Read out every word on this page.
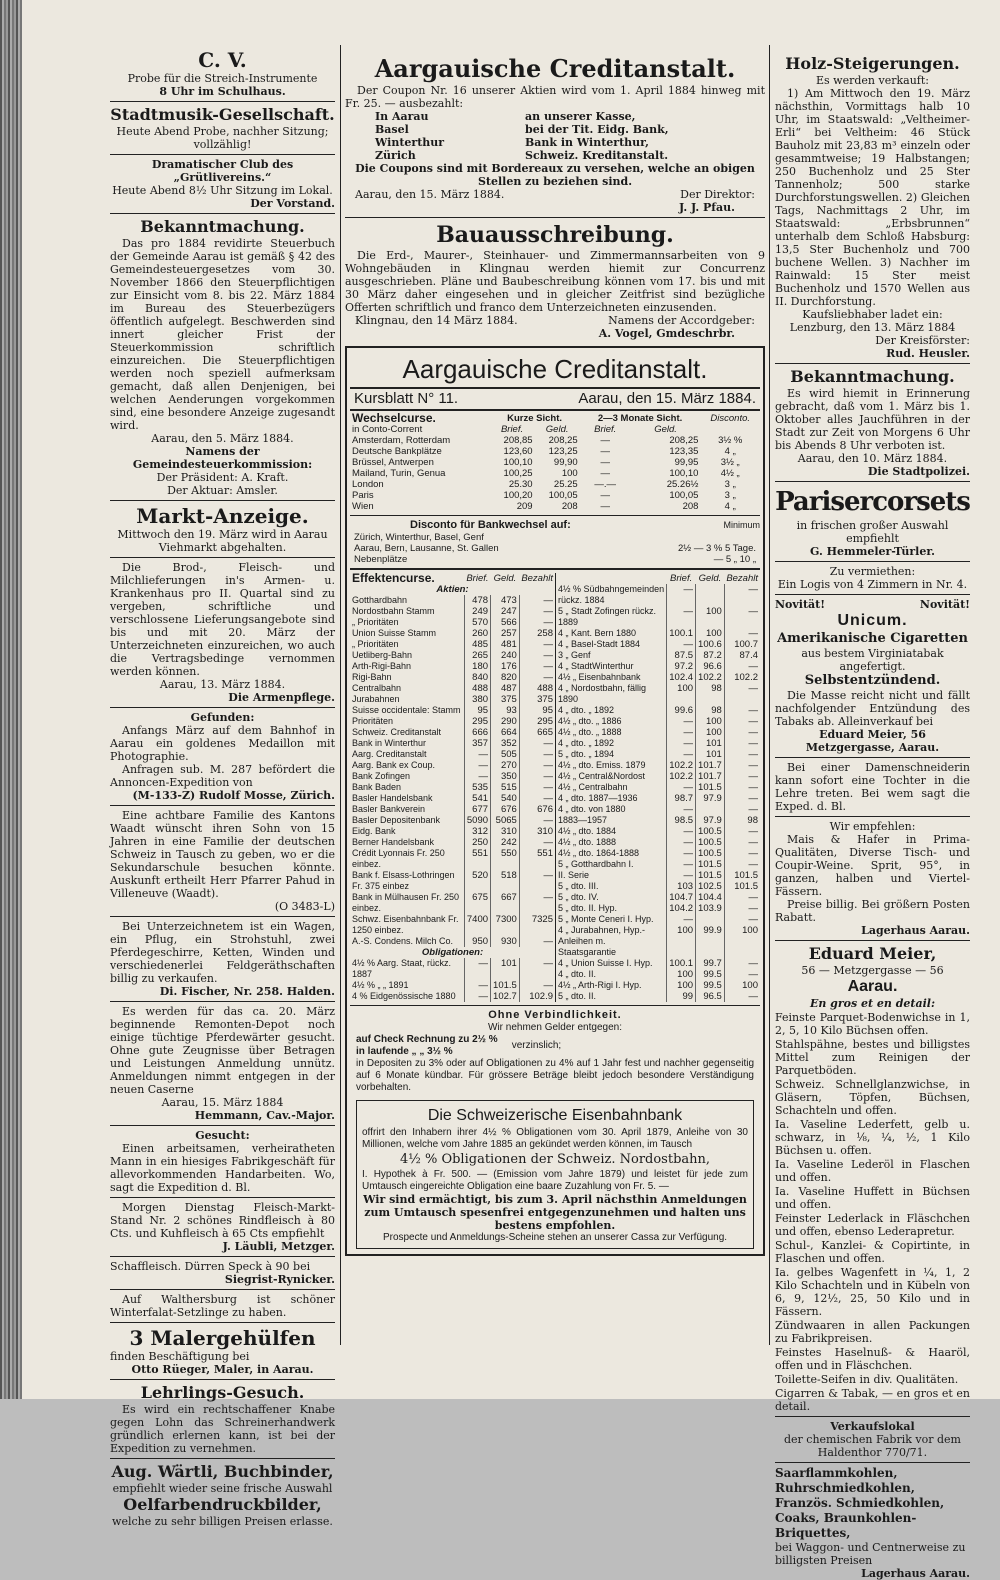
C. V.
Probe für die Streich-Instrumente
8 Uhr im Schulhaus.
Stadtmusik-Gesellschaft.
Heute Abend Probe, nachher Sitzung; vollzählig!
Dramatischer Club des „Grütlivereins.“
Heute Abend 8½ Uhr Sitzung im Lokal.
Der Vorstand.
Bekanntmachung.

Das pro 1884 revidirte Steuerbuch der Gemeinde Aarau ist gemäß § 42 des Gemeindesteuergesetzes vom 30. November 1866 den Steuerpflichtigen zur Einsicht vom 8. bis 22. März 1884 im Bureau des Steuerbezügers öffentlich aufgelegt. Beschwerden sind innert gleicher Frist der Steuerkommission schriftlich einzureichen. Die Steuerpflichtigen werden noch speziell aufmerksam gemacht, daß allen Denjenigen, bei welchen Aenderungen vorgekommen sind, eine besondere Anzeige zugesandt wird.

Aarau, den 5. März 1884.
Namens der Gemeindesteuerkommission:
Der Präsident: A. Kraft.
Der Aktuar: Amsler.
Markt-Anzeige.
Mittwoch den 19. März wird in Aarau Viehmarkt abgehalten.

Die Brod-, Fleisch- und Milchlieferungen in's Armen- u. Krankenhaus pro II. Quartal sind zu vergeben, schriftliche und verschlossene Lieferungsangebote sind bis und mit 20. März der Unterzeichneten einzureichen, wo auch die Vertragsbedinge vernommen werden können.

Aarau, 13. März 1884.
Die Armenpflege.
Gefunden:

Anfangs März auf dem Bahnhof in Aarau ein goldenes Medaillon mit Photographie.

Anfragen sub. M. 287 befördert die Annoncen-Expedition von

(M-133-Z) Rudolf Mosse, Zürich.

Eine achtbare Familie des Kantons Waadt wünscht ihren Sohn von 15 Jahren in eine Familie der deutschen Schweiz in Tausch zu geben, wo er die Sekundarschule besuchen könnte. Auskunft ertheilt Herr Pfarrer Pahud in Villeneuve (Waadt).

(O 3483-L)

Bei Unterzeichnetem ist ein Wagen, ein Pflug, ein Strohstuhl, zwei Pferdegeschirre, Ketten, Winden und verschiedenerlei Feldgeräthschaften billig zu verkaufen.

Di. Fischer, Nr. 258. Halden.

Es werden für das ca. 20. März beginnende Remonten-Depot noch einige tüchtige Pferdewärter gesucht. Ohne gute Zeugnisse über Betragen und Leistungen Anmeldung unnütz. Anmeldungen nimmt entgegen in der neuen Caserne

Aarau, 15. März 1884
Hemmann, Cav.-Major.
Gesucht:

Einen arbeitsamen, verheiratheten Mann in ein hiesiges Fabrikgeschäft für allevorkommenden Handarbeiten. Wo, sagt die Expedition d. Bl.

Morgen Dienstag Fleisch-Markt-Stand Nr. 2 schönes Rindfleisch à 80 Cts. und Kuhfleisch à 65 Cts empfiehlt

J. Läubli, Metzger.

Schaffleisch. Dürren Speck à 90 bei

Siegrist-Rynicker.

Auf Walthersburg ist schöner Winterfalat-Setzlinge zu haben.

3 Malergehülfen
finden Beschäftigung bei
Otto Rüeger, Maler, in Aarau.
Lehrlings-Gesuch.

Es wird ein rechtschaffener Knabe gegen Lohn das Schreinerhandwerk gründlich erlernen kann, ist bei der Expedition zu vernehmen.

Aug. Wärtli, Buchbinder,
empfiehlt wieder seine frische Auswahl
Oelfarbendruckbilder,
welche zu sehr billigen Preisen erlasse.
Aargauische Creditanstalt.

Der Coupon Nr. 16 unserer Aktien wird vom 1. April 1884 hinweg mit Fr. 25. — ausbezahlt:

In Aarau	an unserer Kasse,
Basel	bei der Tit. Eidg. Bank,
Winterthur	Bank in Winterthur,
Zürich	Schweiz. Kreditanstalt.

Die Coupons sind mit Bordereaux zu versehen, welche an obigen Stellen zu beziehen sind.

Aarau, den 15. März 1884.	Der Direktor:
J. J. Pfau.
Bauausschreibung.

Die Erd-, Maurer-, Steinhauer- und Zimmermannsarbeiten von 9 Wohngebäuden in Klingnau werden hiemit zur Concurrenz ausgeschrieben. Pläne und Baubeschreibung können vom 17. bis und mit 30 März daher eingesehen und in gleicher Zeitfrist sind bezügliche Offerten schriftlich und franco dem Unterzeichneten einzusenden.

Klingnau, den 14 März 1884.	Namens der Accordgeber:
A. Vogel, Gmdeschrbr.
Aargauische Creditanstalt.
Kursblatt N° 11.	Aarau, den 15. März 1884.
Wechselcurse.	Kurze Sicht.		2—3 Monate Sicht.		Disconto.
in Conto-Corrent	Brief.	Geld.	Brief.	Geld.	
Amsterdam, Rotterdam	208,85	208,25	—	208,25	3½ %
Deutsche Bankplätze	123,60	123,25	—	123,35	4 „
Brüssel, Antwerpen	100,10	99,90	—	99,95	3½ „
Mailand, Turin, Genua	100,25	100	—	100,10	4½ „
London	25.30	25.25	—.—	25.26½	3 „
Paris	100,20	100,05	—	100,05	3 „
Wien	209	208	—	208	4 „
Disconto für Bankwechsel auf:	Minimum
Zürich, Winterthur, Basel, Genf
Aarau, Bern, Lausanne, St. Gallen	2½ — 3 % 5 Tage.
Nebenplätze	— 5 „ 10 „
Effektencurse.	Brief.	Geld.	Bezahlt
Aktien:			
Gotthardbahn	478	473	—
Nordostbahn Stamm	249	247	—
„ Prioritäten	570	566	—
Union Suisse Stamm	260	257	258
„ Prioritäten	485	481	—
Uetliberg-Bahn	265	240	—
Arth-Rigi-Bahn	180	176	—
Rigi-Bahn	840	820	—
Centralbahn	488	487	488
Jurabahnen	380	375	375
Suisse occidentale: Stamm	95	93	95
Prioritäten	295	290	295
Schweiz. Creditanstalt	666	664	665
Bank in Winterthur	357	352	—
Aarg. Creditanstalt	—	505	—
Aarg. Bank ex Coup.	—	270	—
Bank Zofingen	—	350	—
Bank Baden	535	515	—
Basler Handelsbank	541	540	—
Basler Bankverein	677	676	676
Basler Depositenbank	5090	5065	—
Eidg. Bank	312	310	310
Berner Handelsbank	250	242	—
Crédit Lyonnais Fr. 250 einbez.	551	550	551
Bank f. Elsass-Lothringen Fr. 375 einbez	520	518	—
Bank in Mülhausen Fr. 250 einbez.	675	667	—
Schwz. Eisenbahnbank Fr. 1250 einbez.	7400	7300	7325
A.-S. Condens. Milch Co.	950	930	—
Obligationen:			
4½ % Aarg. Staat, rückz. 1887	—	101	—
4½ % „ „ 1891	—	101.5	—
4 % Eidgenössische 1880	—	102.7	102.9
	Brief.	Geld.	Bezahlt
4½ % Südbahngemeinden rückz. 1884	—		—
5 „ Stadt Zofingen rückz. 1889	—	100	—
4 „ Kant. Bern 1880	100.1	100	—
4 „ Basel-Stadt 1884	—	100.6	100.7
3 „ Genf	87.5	87.2	87.4
4 „ StadtWinterthur	97.2	96.6	—
4½ „ Eisenbahnbank	102.4	102.2	102.2
4 „ Nordostbahn, fällig 1890	100	98	—
4 „ dto. „ 1892	99.6	98	—
4½ „ dto. „ 1886	—	100	—
4½ „ dto. „ 1888	—	100	—
4 „ dto. „ 1892	—	101	—
5 „ dto. „ 1894	—	101	—
4½ „ dto. Emiss. 1879	102.2	101.7	—
4½ „ Central&Nordost	102.2	101.7	—
4½ „ Centralbahn	—	101.5	—
4 „ dto. 1887—1936	98.7	97.9	—
4 „ dto. von 1880	—		—
1883—1957	98.5	97.9	98
4½ „ dto. 1884	—	100.5	—
4½ „ dto. 1888	—	100.5	—
4½ „ dto. 1864-1888	—	100.5	—
5 „ Gotthardbahn I.	—	101.5	—
II. Serie	—	101.5	101.5
5 „ dto. III.	103	102.5	101.5
5 „ dto. IV.	104.7	104.4	—
5 „ dto. II. Hyp.	104.2	103.9	—
5 „ Monte Ceneri I. Hyp.	—		—
4 „ Jurabahnen, Hyp.-Anleihen m. Staatsgarantie	100	99.9	100
4 „ Union Suisse I. Hyp.	100.1	99.7	—
4 „ dto. II.	100	99.5	—
4½ „ Arth-Rigi I. Hyp.	100	99.5	100
5 „ dto. II.	99	96.5	—
Ohne Verbindlichkeit.
Wir nehmen Gelder entgegen:
auf Check Rechnung zu 2½ %
in laufende „ „ 3½ %
verzinslich;

in Depositen zu 3% oder auf Obligationen zu 4% auf 1 Jahr fest und nachher gegenseitig auf 6 Monate kündbar. Für grössere Beträge bleibt jedoch besondere Verständigung vorbehalten.

Die Schweizerische Eisenbahnbank

offrirt den Inhabern ihrer 4½ % Obligationen vom 30. April 1879, Anleihe von 30 Millionen, welche vom Jahre 1885 an gekündet werden können, im Tausch

4½ % Obligationen der Schweiz. Nordostbahn,

I. Hypothek à Fr. 500. — (Emission vom Jahre 1879) und leistet für jede zum Umtausch eingereichte Obligation eine baare Zuzahlung von Fr. 5. —

Wir sind ermächtigt, bis zum 3. April nächsthin Anmeldungen zum Umtausch spesenfrei entgegenzunehmen und halten uns bestens empfohlen.

Prospecte und Anmeldungs-Scheine stehen an unserer Cassa zur Verfügung.

Holz-Steigerungen.
Es werden verkauft:

1) Am Mittwoch den 19. März nächsthin, Vormittags halb 10 Uhr, im Staatswald: „Veltheimer-Erli“ bei Veltheim: 46 Stück Bauholz mit 23,83 m³ einzeln oder gesammtweise; 19 Halbstangen; 250 Buchenholz und 25 Ster Tannenholz; 500 starke Durchforstungswellen. 2) Gleichen Tags, Nachmittags 2 Uhr, im Staatswald: „Erbsbrunnen“ unterhalb dem Schloß Habsburg: 13,5 Ster Buchenholz und 700 buchene Wellen. 3) Nachher im Rainwald: 15 Ster meist Buchenholz und 1570 Wellen aus II. Durchforstung.

Kaufsliebhaber ladet ein:
Lenzburg, den 13. März 1884
Der Kreisförster:
Rud. Heusler.
Bekanntmachung.

Es wird hiemit in Erinnerung gebracht, daß vom 1. März bis 1. Oktober alles Jauchführen in der Stadt zur Zeit von Morgens 6 Uhr bis Abends 8 Uhr verboten ist.

Aarau, den 10. März 1884.
Die Stadtpolizei.
Parisercorsets
in frischen großer Auswahl empfiehlt
G. Hemmeler-Türler.
Zu vermiethen:
Ein Logis von 4 Zimmern in Nr. 4.
Novität!	Novität!
Unicum.
Amerikanische Cigaretten
aus bestem Virginiatabak angefertigt.
Selbstentzündend.

Die Masse reicht nicht und fällt nachfolgender Entzündung des Tabaks ab. Alleinverkauf bei

Eduard Meier, 56 Metzgergasse, Aarau.

Bei einer Damenschneiderin kann sofort eine Tochter in die Lehre treten. Bei wem sagt die Exped. d. Bl.

Wir empfehlen:

Mais & Hafer in Prima-Qualitäten, Diverse Tisch- und Coupir-Weine. Sprit, 95°, in ganzen, halben und Viertel-Fässern.

Preise billig. Bei größern Posten Rabatt.

Lagerhaus Aarau.
Eduard Meier,
56 — Metzgergasse — 56
Aarau.
En gros et en detail:

Feinste Parquet-Bodenwichse in 1, 2, 5, 10 Kilo Büchsen offen.

Stahlspähne, bestes und billigstes Mittel zum Reinigen der Parquetböden.

Schweiz. Schnellglanzwichse, in Gläsern, Töpfen, Büchsen, Schachteln und offen.

Ia. Vaseline Lederfett, gelb u. schwarz, in ⅛, ¼, ½, 1 Kilo Büchsen u. offen.

Ia. Vaseline Lederöl in Flaschen und offen.

Ia. Vaseline Huffett in Büchsen und offen.

Feinster Lederlack in Fläschchen und offen, ebenso Lederapretur.

Schul-, Kanzlei- & Copirtinte, in Flaschen und offen.

Ia. gelbes Wagenfett in ¼, 1, 2 Kilo Schachteln und in Kübeln von 6, 9, 12½, 25, 50 Kilo und in Fässern.

Zündwaaren in allen Packungen zu Fabrikpreisen.

Feinstes Haselnuß- & Haaröl, offen und in Fläschchen.

Toilette-Seifen in div. Qualitäten.

Cigarren & Tabak, — en gros et en detail.

Verkaufslokal
der chemischen Fabrik vor dem Haldenthor 770/71.
Saarflammkohlen, Ruhrschmiedkohlen, Französ. Schmiedkohlen, Coaks, Braunkohlen-Briquettes,
bei Waggon- und Centnerweise zu billigsten Preisen
Lagerhaus Aarau.
